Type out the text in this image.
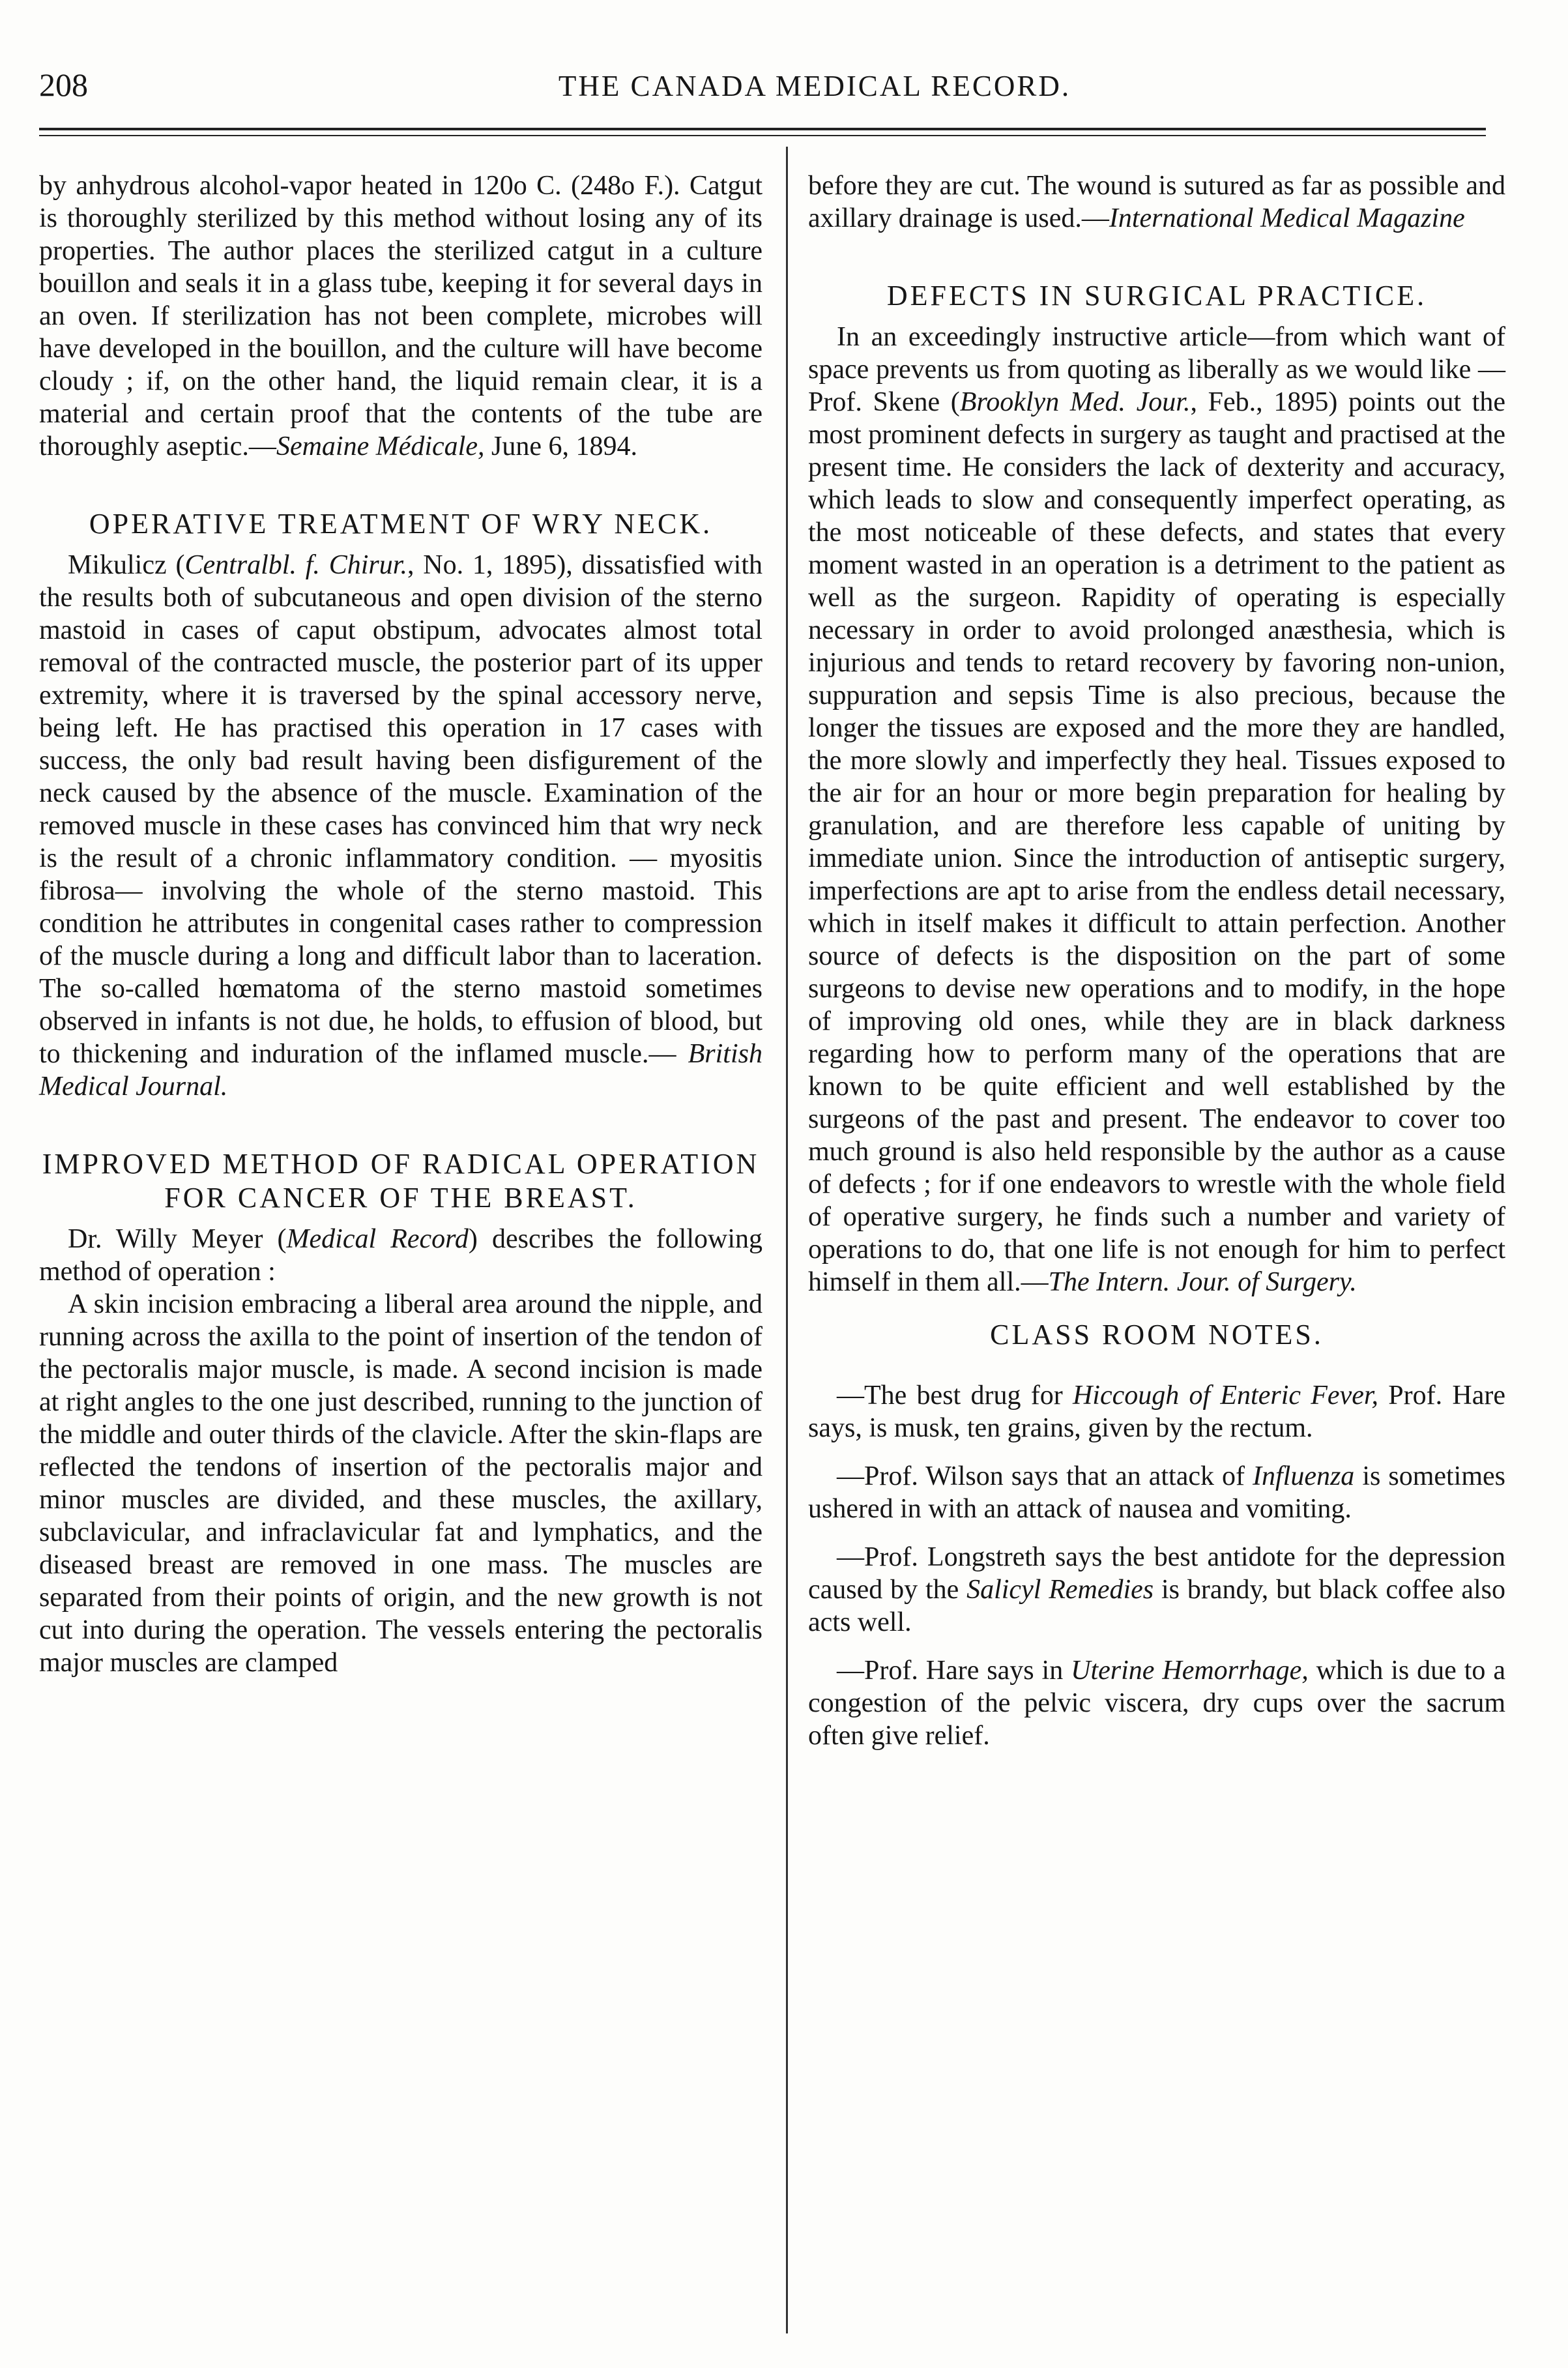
208	THE CANADA MEDICAL RECORD.

by anhydrous alcohol-vapor heated in 120o C. (248o F.). Catgut is thoroughly sterilized by this method without losing any of its properties. The author places the sterilized catgut in a culture bouillon and seals it in a glass tube, keeping it for several days in an oven. If sterilization has not been complete, microbes will have developed in the bouillon, and the culture will have become cloudy ; if, on the other hand, the liquid remain clear, it is a material and certain proof that the contents of the tube are thoroughly aseptic.—Semaine Médicale, June 6, 1894.

OPERATIVE TREATMENT OF WRY NECK.

Mikulicz (Centralbl. f. Chirur., No. 1, 1895), dissatisfied with the results both of subcutaneous and open division of the sterno mastoid in cases of caput obstipum, advocates almost total removal of the contracted muscle, the posterior part of its upper extremity, where it is traversed by the spinal accessory nerve, being left. He has practised this operation in 17 cases with success, the only bad result having been disfigurement of the neck caused by the absence of the muscle. Examination of the removed muscle in these cases has convinced him that wry neck is the result of a chronic inflammatory condition. — myositis fibrosa— involving the whole of the sterno mastoid. This condition he attributes in congenital cases rather to compression of the muscle during a long and difficult labor than to laceration. The so-called hœmatoma of the sterno mastoid sometimes observed in infants is not due, he holds, to effusion of blood, but to thickening and induration of the inflamed muscle.— British Medical Journal.

IMPROVED METHOD OF RADICAL OPERATION FOR CANCER OF THE BREAST.

Dr. Willy Meyer (Medical Record) describes the following method of operation :

A skin incision embracing a liberal area around the nipple, and running across the axilla to the point of insertion of the tendon of the pectoralis major muscle, is made. A second incision is made at right angles to the one just described, running to the junction of the middle and outer thirds of the clavicle. After the skin-flaps are reflected the tendons of insertion of the pectoralis major and minor muscles are divided, and these muscles, the axillary, subclavicular, and infraclavicular fat and lymphatics, and the diseased breast are removed in one mass. The muscles are separated from their points of origin, and the new growth is not cut into during the operation. The vessels entering the pectoralis major muscles are clamped

before they are cut. The wound is sutured as far as possible and axillary drainage is used.—International Medical Magazine

DEFECTS IN SURGICAL PRACTICE.

In an exceedingly instructive article—from which want of space prevents us from quoting as liberally as we would like —Prof. Skene (Brooklyn Med. Jour., Feb., 1895) points out the most prominent defects in surgery as taught and practised at the present time. He considers the lack of dexterity and accuracy, which leads to slow and consequently imperfect operating, as the most noticeable of these defects, and states that every moment wasted in an operation is a detriment to the patient as well as the surgeon. Rapidity of operating is especially necessary in order to avoid prolonged anæsthesia, which is injurious and tends to retard recovery by favoring non-union, suppuration and sepsis Time is also precious, because the longer the tissues are exposed and the more they are handled, the more slowly and imperfectly they heal. Tissues exposed to the air for an hour or more begin preparation for healing by granulation, and are therefore less capable of uniting by immediate union. Since the introduction of antiseptic surgery, imperfections are apt to arise from the endless detail necessary, which in itself makes it difficult to attain perfection. Another source of defects is the disposition on the part of some surgeons to devise new operations and to modify, in the hope of improving old ones, while they are in black darkness regarding how to perform many of the operations that are known to be quite efficient and well established by the surgeons of the past and present. The endeavor to cover too much ground is also held responsible by the author as a cause of defects ; for if one endeavors to wrestle with the whole field of operative surgery, he finds such a number and variety of operations to do, that one life is not enough for him to perfect himself in them all.—The Intern. Jour. of Surgery.

CLASS ROOM NOTES.

—The best drug for Hiccough of Enteric Fever, Prof. Hare says, is musk, ten grains, given by the rectum.

—Prof. Wilson says that an attack of Influenza is sometimes ushered in with an attack of nausea and vomiting.

—Prof. Longstreth says the best antidote for the depression caused by the Salicyl Remedies is brandy, but black coffee also acts well.

—Prof. Hare says in Uterine Hemorrhage, which is due to a congestion of the pelvic viscera, dry cups over the sacrum often give relief.
